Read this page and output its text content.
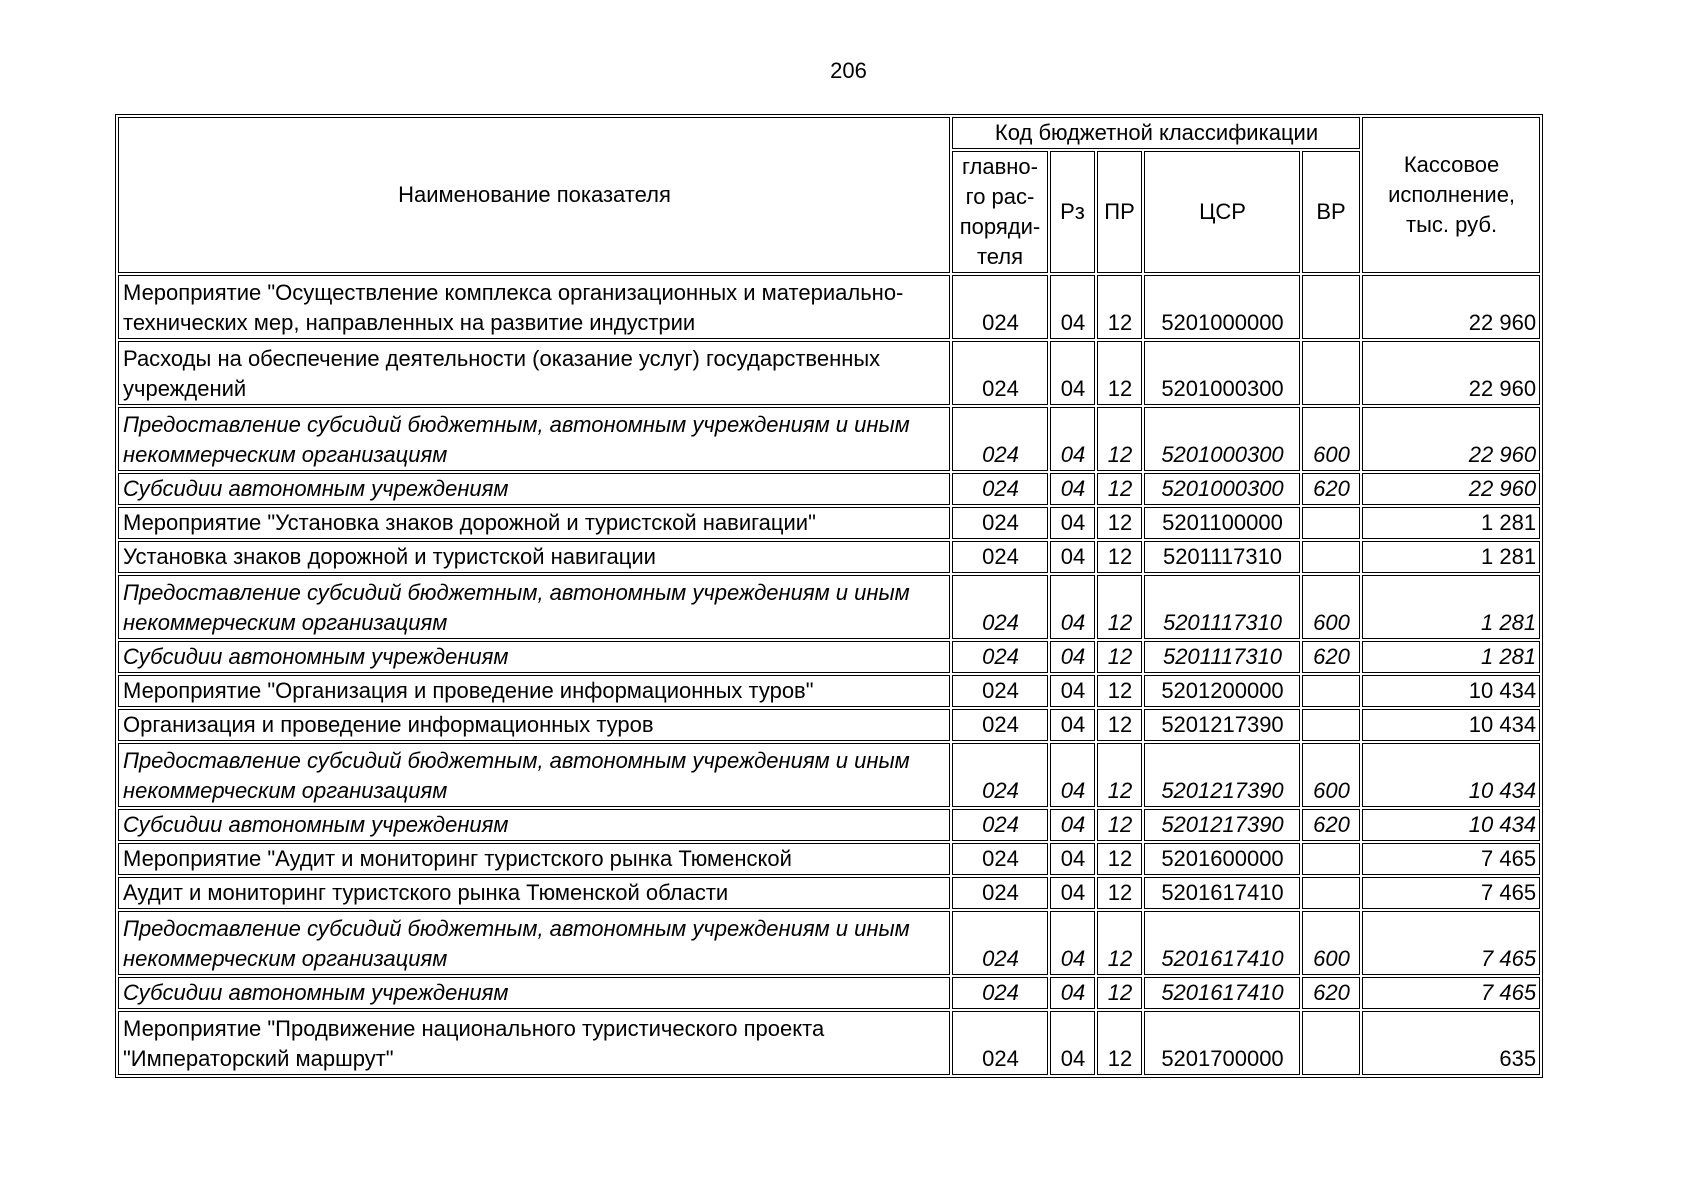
206
Наименование показателя	Код бюджетной классификации					Кассовое
исполнение,
тыс. руб.

	главно-
го рас-
поряди-
теля	Рз	ПР	ЦСР	ВР	
Мероприятие "Осуществление комплекса организационных и материально-технических мер, направленных на развитие индустрии	024	04	12	5201000000		22 960
Расходы на обеспечение деятельности (оказание услуг) государственных учреждений	024	04	12	5201000300		22 960
Предоставление субсидий бюджетным, автономным учреждениям и иным некоммерческим организациям	024	04	12	5201000300	600	22 960
Субсидии автономным учреждениям	024	04	12	5201000300	620	22 960
Мероприятие "Установка знаков дорожной и туристской навигации"	024	04	12	5201100000		1 281
Установка знаков дорожной и туристской навигации	024	04	12	5201117310		1 281
Предоставление субсидий бюджетным, автономным учреждениям и иным некоммерческим организациям	024	04	12	5201117310	600	1 281
Субсидии автономным учреждениям	024	04	12	5201117310	620	1 281
Мероприятие "Организация и проведение информационных туров"	024	04	12	5201200000		10 434
Организация и проведение информационных туров	024	04	12	5201217390		10 434
Предоставление субсидий бюджетным, автономным учреждениям и иным некоммерческим организациям	024	04	12	5201217390	600	10 434
Субсидии автономным учреждениям	024	04	12	5201217390	620	10 434
Мероприятие "Аудит и мониторинг туристского рынка Тюменской	024	04	12	5201600000		7 465
Аудит и мониторинг туристского рынка Тюменской области	024	04	12	5201617410		7 465
Предоставление субсидий бюджетным, автономным учреждениям и иным некоммерческим организациям	024	04	12	5201617410	600	7 465
Субсидии автономным учреждениям	024	04	12	5201617410	620	7 465
Мероприятие "Продвижение национального туристического проекта "Императорский маршрут"	024	04	12	5201700000		635
